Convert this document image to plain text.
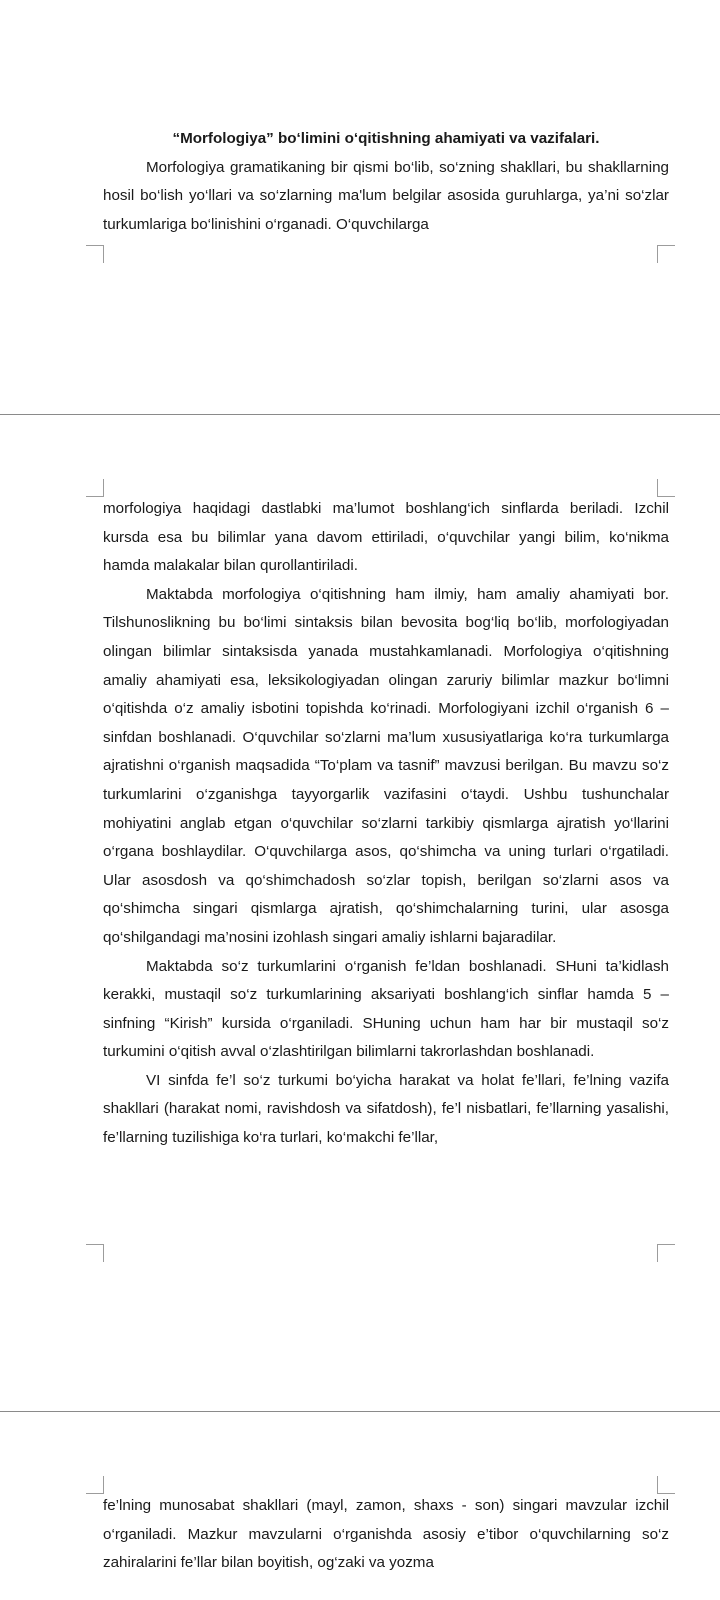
“Morfologiya” bo‘limini o‘qitishning ahamiyati va vazifalari.

Morfologiya gramatikaning bir qismi bo‘lib, so‘zning shakllari, bu shakllarning hosil bo‘lish yo‘llari va so‘zlarning ma'lum belgilar asosida guruhlarga, ya’ni so‘zlar turkumlariga bo‘linishini o‘rganadi. O‘quvchilarga

morfologiya haqidagi dastlabki ma’lumot boshlang‘ich sinflarda beriladi. Izchil kursda esa bu bilimlar yana davom ettiriladi, o‘quvchilar yangi bilim, ko‘nikma hamda malakalar bilan qurollantiriladi.

Maktabda morfologiya o‘qitishning ham ilmiy, ham amaliy ahamiyati bor. Tilshunoslikning bu bo‘limi sintaksis bilan bevosita bog‘liq bo‘lib, morfologiyadan olingan bilimlar sintaksisda yanada mustahkamlanadi. Morfologiya o‘qitishning amaliy ahamiyati esa, leksikologiyadan olingan zaruriy bilimlar mazkur bo‘limni o‘qitishda o‘z amaliy isbotini topishda ko‘rinadi. Morfologiyani izchil o‘rganish 6 – sinfdan boshlanadi. O‘quvchilar so‘zlarni ma’lum xususiyatlariga ko‘ra turkumlarga ajratishni o‘rganish maqsadida “To‘plam va tasnif” mavzusi berilgan. Bu mavzu so‘z turkumlarini o‘zganishga tayyorgarlik vazifasini o‘taydi. Ushbu tushunchalar mohiyatini anglab etgan o‘quvchilar so‘zlarni tarkibiy qismlarga ajratish yo‘llarini o‘rgana boshlaydilar. O‘quvchilarga asos, qo‘shimcha va uning turlari o‘rgatiladi. Ular asosdosh va qo‘shimchadosh so‘zlar topish, berilgan so‘zlarni asos va qo‘shimcha singari qismlarga ajratish, qo‘shimchalarning turini, ular asosga qo‘shilgandagi ma’nosini izohlash singari amaliy ishlarni bajaradilar.

Maktabda so‘z turkumlarini o‘rganish fe’ldan boshlanadi. SHuni ta’kidlash kerakki, mustaqil so‘z turkumlarining aksariyati boshlang‘ich sinflar hamda 5 – sinfning “Kirish” kursida o‘rganiladi. SHuning uchun ham har bir mustaqil so‘z turkumini o‘qitish avval o‘zlashtirilgan bilimlarni takrorlashdan boshlanadi.

VI sinfda fe’l so‘z turkumi bo‘yicha harakat va holat fe’llari, fe’lning vazifa shakllari (harakat nomi, ravishdosh va sifatdosh), fe’l nisbatlari, fe’llarning yasalishi, fe’llarning tuzilishiga ko‘ra turlari, ko‘makchi fe’llar,

fe’lning munosabat shakllari (mayl, zamon, shaxs - son) singari mavzular izchil o‘rganiladi. Mazkur mavzularni o‘rganishda asosiy e’tibor o‘quvchilarning so‘z zahiralarini fe’llar bilan boyitish, og‘zaki va yozma
